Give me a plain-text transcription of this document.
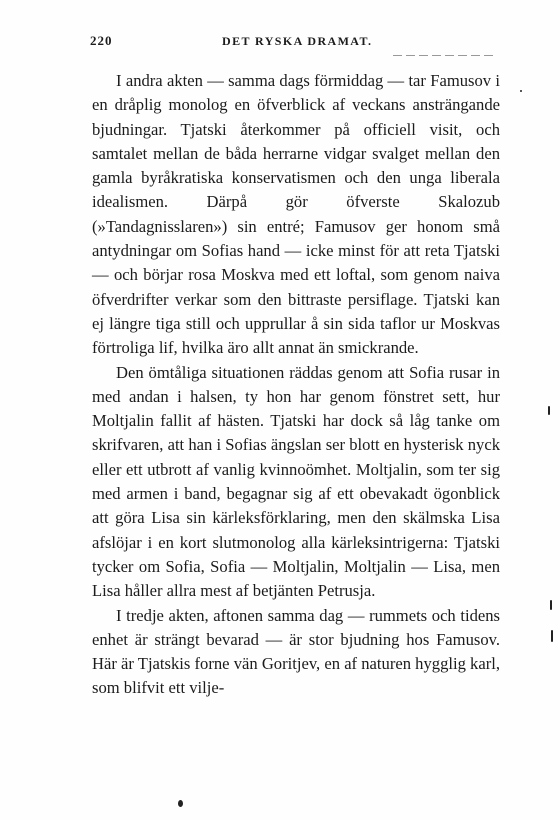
220	DET RYSKA DRAMAT.

I andra akten — samma dags förmiddag — tar Famusov i en dråplig monolog en öfverblick af veckans ansträngande bjudningar. Tjatski återkommer på officiell visit, och samtalet mellan de båda herrarne vidgar svalget mellan den gamla byråkratiska konservatismen och den unga liberala idealismen. Därpå gör öfverste Skalozub (»Tandagnisslaren») sin entré; Famusov ger honom små antydningar om Sofias hand — icke minst för att reta Tjatski — och börjar rosa Moskva med ett loftal, som genom naiva öfverdrifter verkar som den bittraste persiflage. Tjatski kan ej längre tiga still och upprullar å sin sida taflor ur Moskvas förtroliga lif, hvilka äro allt annat än smickrande.

Den ömtåliga situationen räddas genom att Sofia rusar in med andan i halsen, ty hon har genom fönstret sett, hur Moltjalin fallit af hästen. Tjatski har dock så låg tanke om skrifvaren, att han i Sofias ängslan ser blott en hysterisk nyck eller ett utbrott af vanlig kvinnoömhet. Moltjalin, som ter sig med armen i band, begagnar sig af ett obevakadt ögonblick att göra Lisa sin kärleksförklaring, men den skälmska Lisa afslöjar i en kort slutmonolog alla kärleksintrigerna: Tjatski tycker om Sofia, Sofia — Moltjalin, Moltjalin — Lisa, men Lisa håller allra mest af betjänten Petrusja.

I tredje akten, aftonen samma dag — rummets och tidens enhet är strängt bevarad — är stor bjudning hos Famusov. Här är Tjatskis forne vän Goritjev, en af naturen hygglig karl, som blifvit ett vilje-
